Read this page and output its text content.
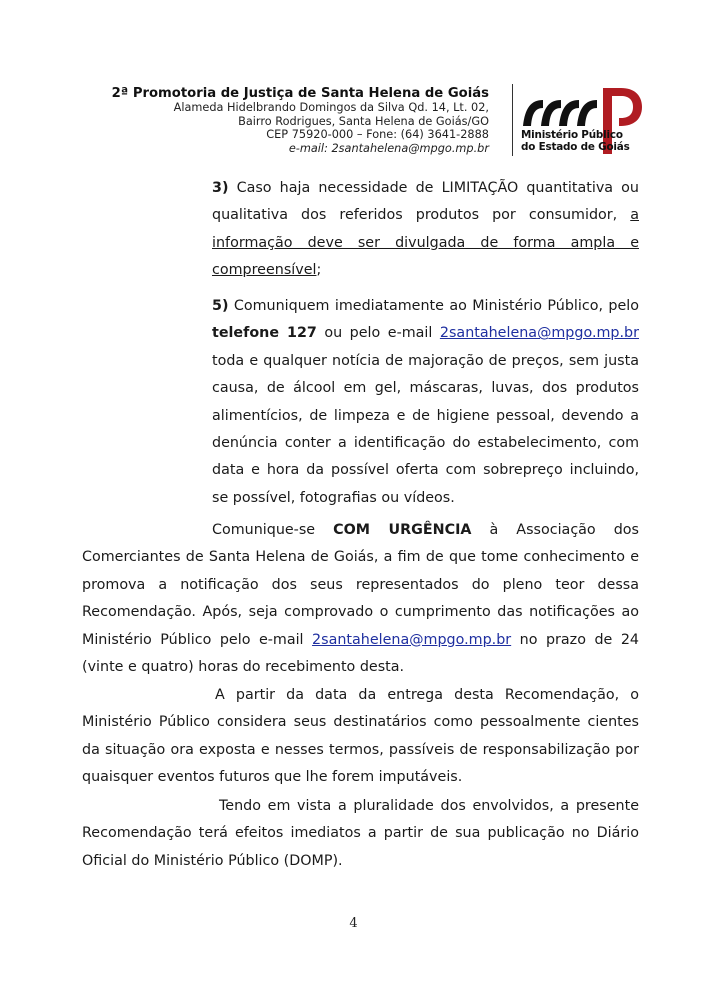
2ª Promotoria de Justiça de Santa Helena de Goiás
Alameda Hidelbrando Domingos da Silva Qd. 14, Lt. 02,
Bairro Rodrigues, Santa Helena de Goiás/GO
CEP 75920-000 – Fone: (64) 3641-2888
e-mail: 2santahelena@mpgo.mp.br
Ministério Público
do Estado de Goiás
3) Caso haja necessidade de LIMITAÇÃO quantitativa ou qualitativa dos referidos produtos por consumidor, a informação deve ser divulgada de forma ampla e compreensível;
5) Comuniquem imediatamente ao Ministério Público, pelo telefone 127 ou pelo e-mail 2santahelena@mpgo.mp.br toda e qualquer notícia de majoração de preços, sem justa causa, de álcool em gel, máscaras, luvas, dos produtos alimentícios, de limpeza e de higiene pessoal, devendo a denúncia conter a identificação do estabelecimento, com data e hora da possível oferta com sobrepreço incluindo, se possível, fotografias ou vídeos.
Comunique-se COM URGÊNCIA à Associação dos Comerciantes de Santa Helena de Goiás, a fim de que tome conhecimento e promova a notificação dos seus representados do pleno teor dessa Recomendação. Após, seja comprovado o cumprimento das notificações ao Ministério Público pelo e-mail 2santahelena@mpgo.mp.br no prazo de 24 (vinte e quatro) horas do recebimento desta.
A partir da data da entrega desta Recomendação, o Ministério Público considera seus destinatários como pessoalmente cientes da situação ora exposta e nesses termos, passíveis de responsabilização por quaisquer eventos futuros que lhe forem imputáveis.
Tendo em vista a pluralidade dos envolvidos, a presente Recomendação terá efeitos imediatos a partir de sua publicação no Diário Oficial do Ministério Público (DOMP).
4
